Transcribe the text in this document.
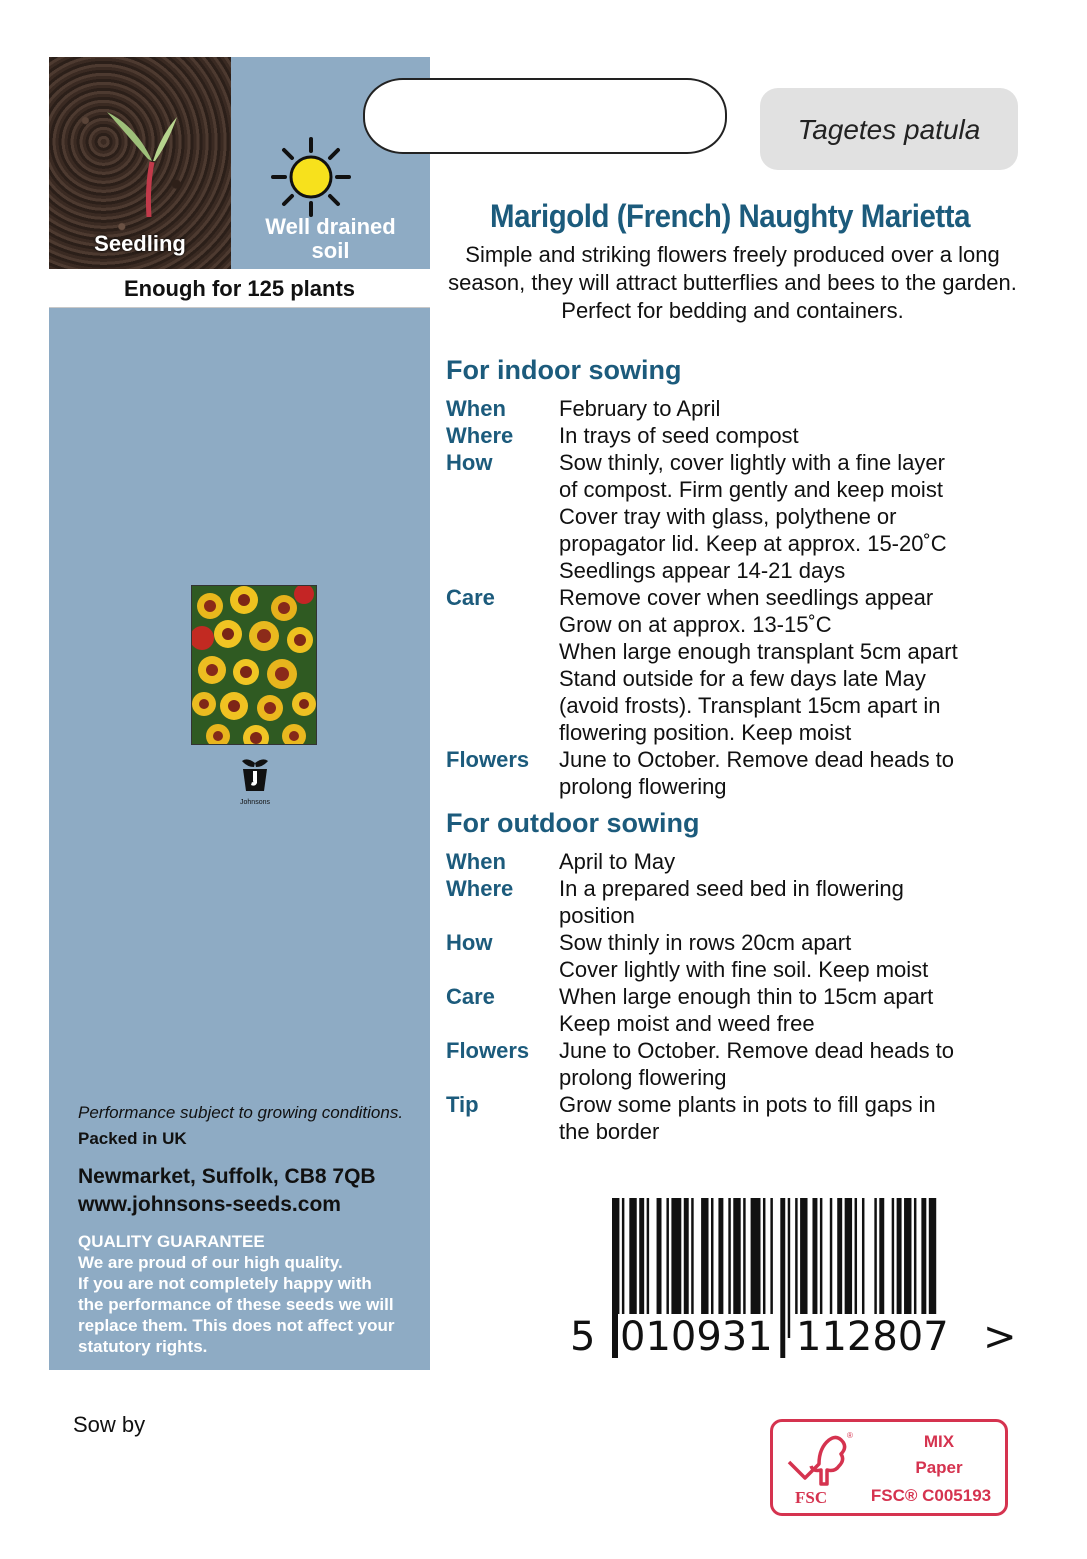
Seedling
Well drained
soil
Enough for 125 plants
Johnsons
Performance subject to growing conditions.
Packed in UK
Newmarket, Suffolk, CB8 7QB
www.johnsons-seeds.com
QUALITY GUARANTEE
We are proud of our high quality.
If you are not completely happy with
the performance of these seeds we will
replace them. This does not affect your
statutory rights.
Tagetes patula
Marigold (French) Naughty Marietta
Simple and striking flowers freely produced over a long season, they will attract butterflies and bees to the garden. Perfect for bedding and containers.
For indoor sowing
When	February to April
Where	In trays of seed compost
How	Sow thinly, cover lightly with a fine layer
of compost. Firm gently and keep moist
Cover tray with glass, polythene or
propagator lid. Keep at approx. 15-20˚C
Seedlings appear 14-21 days
Care	Remove cover when seedlings appear
Grow on at approx. 13-15˚C
When large enough transplant 5cm apart
Stand outside for a few days late May
(avoid frosts). Transplant 15cm apart in
flowering position. Keep moist
Flowers	June to October. Remove dead heads to
prolong flowering
For outdoor sowing
When	April to May
Where	In a prepared seed bed in flowering
position
How	Sow thinly in rows 20cm apart
Cover lightly with fine soil. Keep moist
Care	When large enough thin to 15cm apart
Keep moist and weed free
Flowers	June to October. Remove dead heads to
prolong flowering
Tip	Grow some plants in pots to fill gaps in
the border
5 010931 112807 >
Sow by	®
FSC
MIX
Paper
FSC® C005193
